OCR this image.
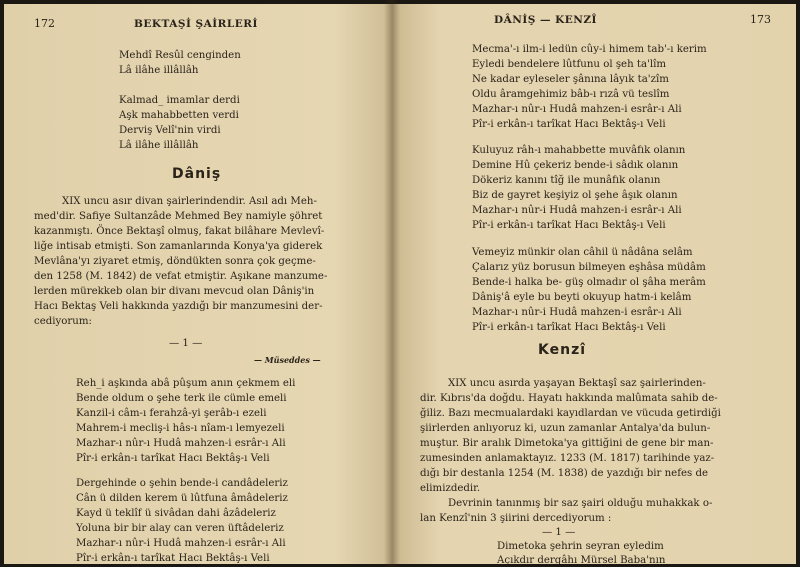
172	BEKTAŞİ ŞAİRLERİ
Mehdî Resûl cenginden
Lâ ilâhe illâllâh
Kalmad_ imamlar derdi
Aşk mahabbetten verdi
Derviş Velî'nin virdi
Lâ ilâhe illâllâh
Dâniş
XIX uncu asır divan şairlerindendir. Asıl adı Meh-
med'dir. Safiye Sultanzâde Mehmed Bey namiyle şöhret
kazanmıştı. Önce Bektaşî olmuş, fakat bilâhare Mevlevî-
liğe intisab etmişti. Son zamanlarında Konya'ya giderek
Mevlâna'yı ziyaret etmiş, döndükten sonra çok geçme-
den 1258 (M. 1842) de vefat etmiştir. Aşıkane manzume-
lerden mürekkeb olan bir divanı mevcud olan Dâniş'in
Hacı Bektaş Veli hakkında yazdığı bir manzumesini der-
cediyorum:
— 1 —
— Müseddes —
Reh_i aşkında abâ pûşum anın çekmem eli
Bende oldum o şehe terk ile cümle emeli
Kanzil-i câm-ı ferahzâ-yi şerâb-ı ezeli
Mahrem-i mecliş-i hâs-ı nîam-ı lemyezeli
Mazhar-ı nûr-ı Hudâ mahzen-i esrâr-ı Ali
Pîr-i erkân-ı tarîkat Hacı Bektâş-ı Veli
Dergehinde o şehin bende-i candâdeleriz
Cân ü dilden kerem ü lûtfuna âmâdeleriz
Kayd ü teklîf ü sivâdan dahi âzâdeleriz
Yoluna bir bir alay can veren üftâdeleriz
Mazhar-ı nûr-i Hudâ mahzen-i esrâr-ı Ali
Pîr-i erkân-ı tarîkat Hacı Bektâş-ı Veli
DÂNİŞ — KENZÎ	173
Mecma'-ı ilm-i ledün cûy-i himem tab'-ı kerim
Eyledi bendelere lûtfunu ol şeh ta'lîm
Ne kadar eyleseler şânına lâyık ta'zîm
Oldu âramgehimiz bâb-ı rızâ vü teslîm
Mazhar-ı nûr-ı Hudâ mahzen-i esrâr-ı Ali
Pîr-i erkân-ı tarîkat Hacı Bektâş-ı Veli
Kuluyuz râh-ı mahabbette muvâfık olanın
Demine Hû çekeriz bende-i sâdık olanın
Dökeriz kanını tîğ ile munâfık olanın
Biz de gayret keşiyiz ol şehe âşık olanın
Mazhar-ı nûr-i Hudâ mahzen-i esrâr-ı Ali
Pîr-i erkân-ı tarîkat Hacı Bektâş-ı Veli
Vemeyiz münkir olan câhil ü nâdâna selâm
Çalarız yüz borusun bilmeyen eşhâsa müdâm
Bende-i halka be- güş olmadır ol şâha merâm
Dâniş'â eyle bu beyti okuyup hatm-i kelâm
Mazhar-ı nûr-i Hudâ mahzen-i esrâr-ı Ali
Pîr-i erkân-ı tarîkat Hacı Bektâş-ı Veli
Kenzî
XIX uncu asırda yaşayan Bektaşî saz şairlerinden-
dir. Kıbrıs'da doğdu. Hayatı hakkında malûmata sahib de-
ğiliz. Bazı mecmualardaki kayıdlardan ve vücuda getirdiği
şiirlerden anlıyoruz ki, uzun zamanlar Antalya'da bulun-
muştur. Bir aralık Dimetoka'ya gittiğini de gene bir man-
zumesinden anlamaktayız. 1233 (M. 1817) tarihinde yaz-
dığı bir destanla 1254 (M. 1838) de yazdığı bir nefes de
elimizdedir.
Devrinin tanınmış bir saz şairi olduğu muhakkak o-
lan Kenzî'nin 3 şiirini dercediyorum :
— 1 —
Dimetoka şehrin seyran eyledim
Açıkdır dergâhı Mürsel Baba'nın
